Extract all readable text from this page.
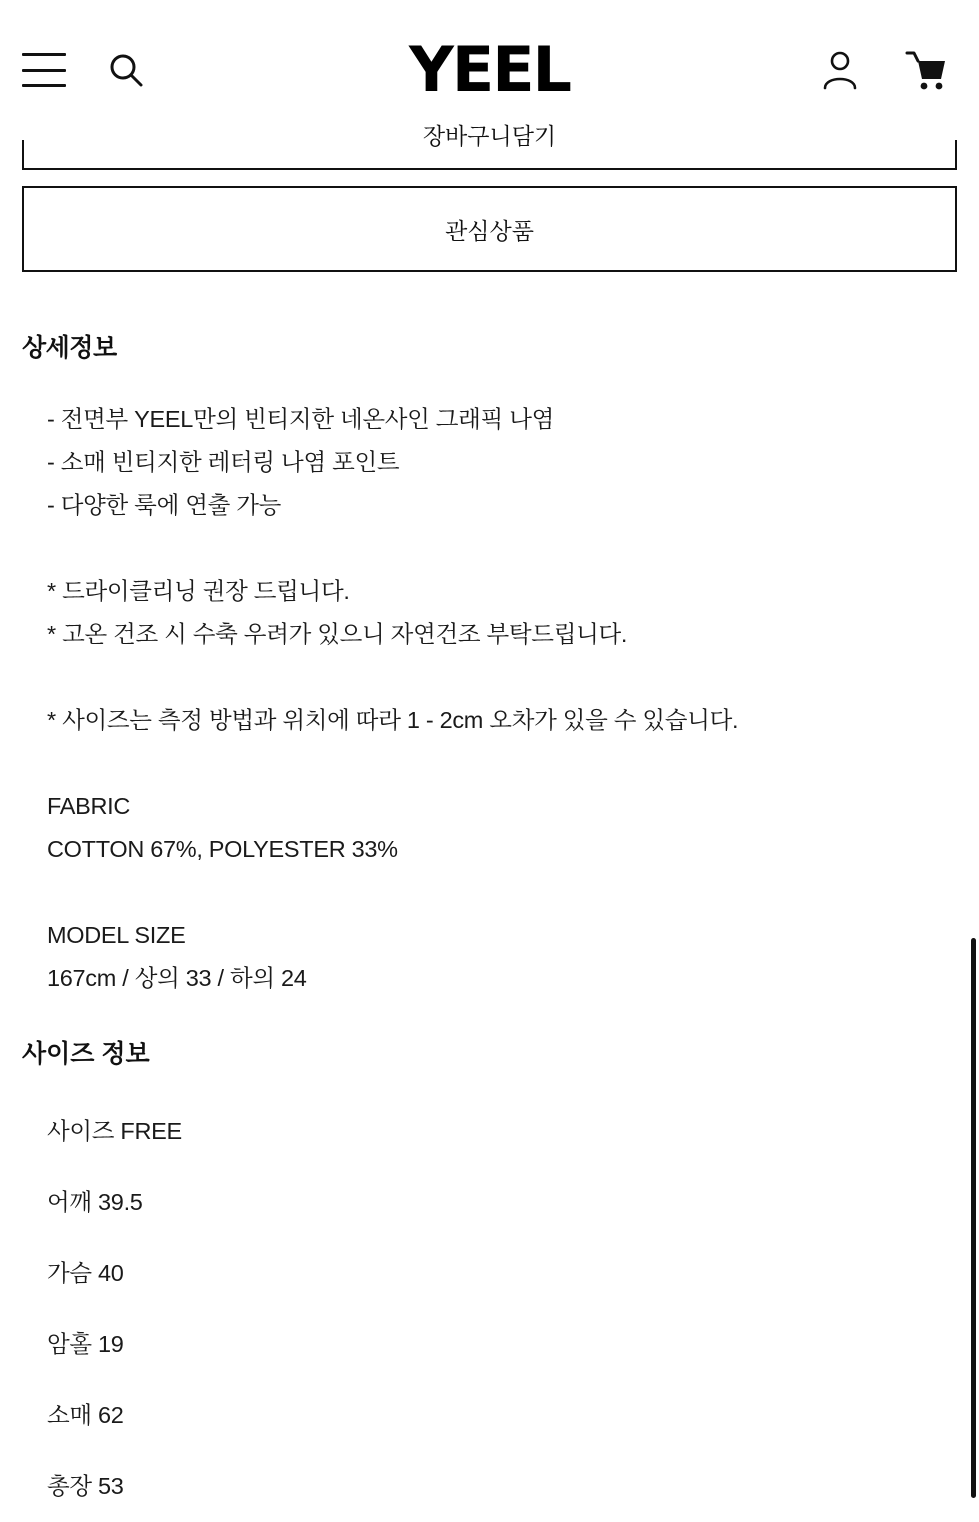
YEEL
장바구니담기
관심상품
상세정보
- 전면부 YEEL만의 빈티지한 네온사인 그래픽 나염
- 소매 빈티지한 레터링 나염 포인트
- 다양한 룩에 연출 가능
* 드라이클리닝 권장 드립니다.
* 고온 건조 시 수축 우려가 있으니 자연건조 부탁드립니다.
* 사이즈는 측정 방법과 위치에 따라 1 - 2cm 오차가 있을 수 있습니다.
FABRIC
COTTON 67%, POLYESTER 33%
MODEL SIZE
167cm / 상의 33 / 하의 24
사이즈 정보
사이즈 FREE
어깨 39.5
가슴 40
암홀 19
소매 62
총장 53
